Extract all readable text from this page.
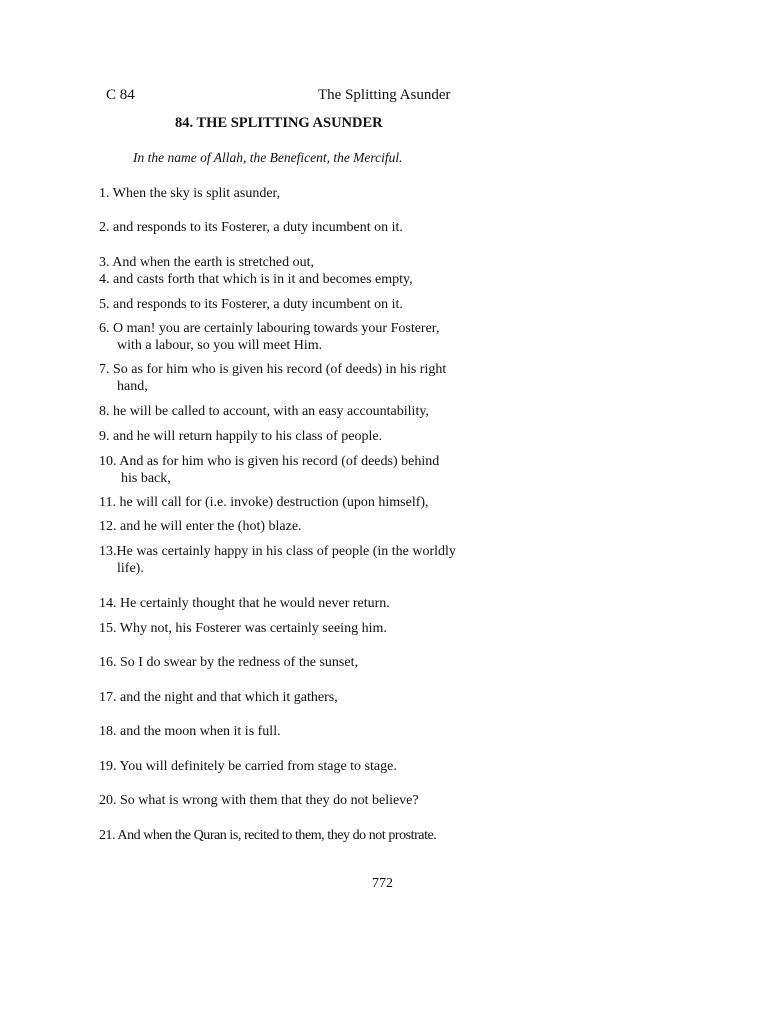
C 84	The Splitting Asunder
84. THE SPLITTING ASUNDER
In the name of Allah, the Beneficent, the Merciful.
1. When the sky is split asunder,
2. and responds to its Fosterer, a duty incumbent on it.
3. And when the earth is stretched out,
4. and casts forth that which is in it and becomes empty,
5. and responds to its Fosterer, a duty incumbent on it.
6. O man! you are certainly labouring towards your Fosterer,
with a labour, so you will meet Him.
7. So as for him who is given his record (of deeds) in his right
hand,
8. he will be called to account, with an easy accountability,
9. and he will return happily to his class of people.
10. And as for him who is given his record (of deeds) behind
his back,
11. he will call for (i.e. invoke) destruction (upon himself),
12. and he will enter the (hot) blaze.
13.He was certainly happy in his class of people (in the worldly
life).
14. He certainly thought that he would never return.
15. Why not, his Fosterer was certainly seeing him.
16. So I do swear by the redness of the sunset,
17. and the night and that which it gathers,
18. and the moon when it is full.
19. You will definitely be carried from stage to stage.
20. So what is wrong with them that they do not believe?
21. And when the Quran is, recited to them, they do not prostrate.
772
